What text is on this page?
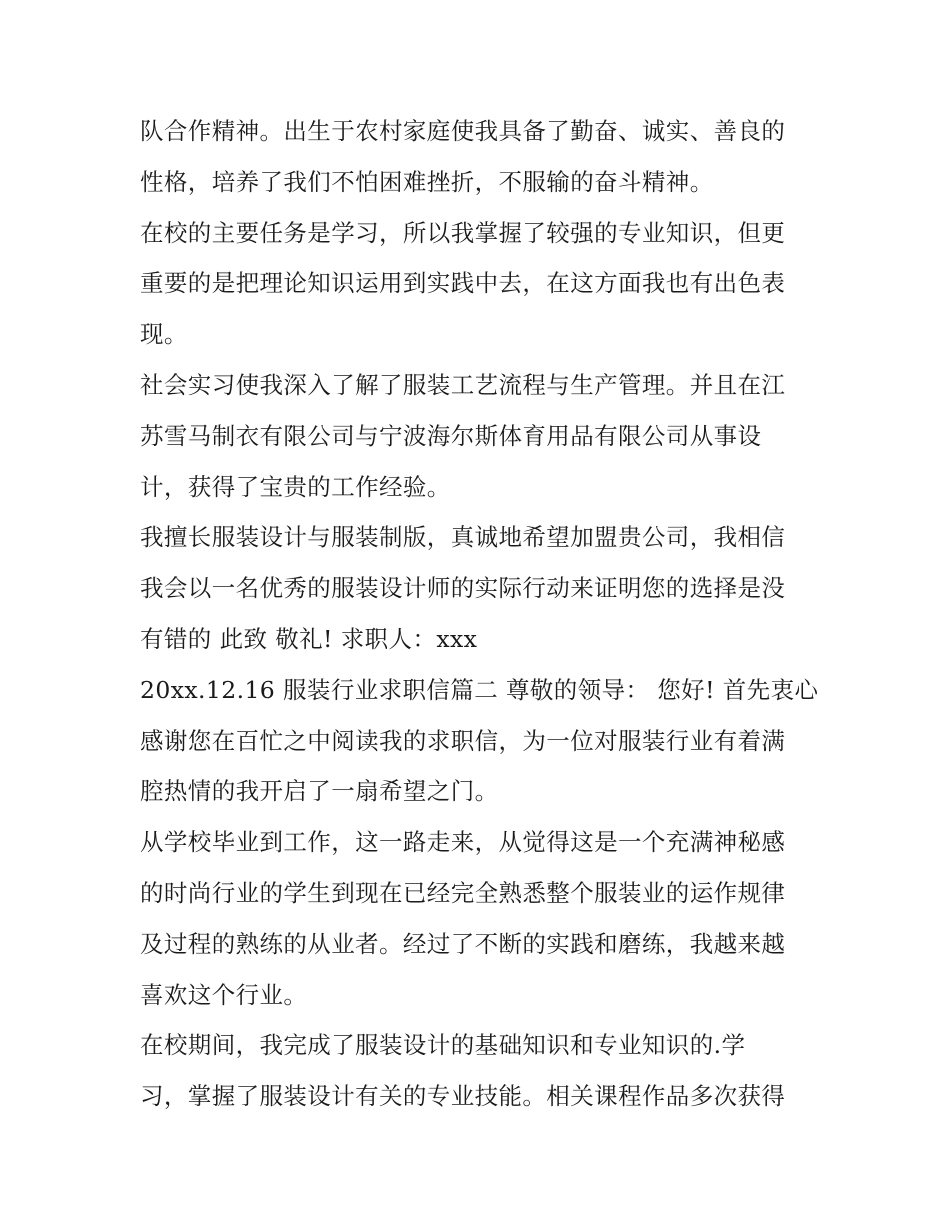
队合作精神。出生于农村家庭使我具备了勤奋、诚实、善良的
性格，培养了我们不怕困难挫折，不服输的奋斗精神。
在校的主要任务是学习，所以我掌握了较强的专业知识，但更
重要的是把理论知识运用到实践中去，在这方面我也有出色表
现。
社会实习使我深入了解了服装工艺流程与生产管理。并且在江
苏雪马制衣有限公司与宁波海尔斯体育用品有限公司从事设
计，获得了宝贵的工作经验。
我擅长服装设计与服装制版，真诚地希望加盟贵公司，我相信
我会以一名优秀的服装设计师的实际行动来证明您的选择是没
有错的 此致 敬礼! 求职人：xxx
20xx.12.16 服装行业求职信篇二 尊敬的领导： 您好! 首先衷心
感谢您在百忙之中阅读我的求职信，为一位对服装行业有着满
腔热情的我开启了一扇希望之门。
从学校毕业到工作，这一路走来，从觉得这是一个充满神秘感
的时尚行业的学生到现在已经完全熟悉整个服装业的运作规律
及过程的熟练的从业者。经过了不断的实践和磨练，我越来越
喜欢这个行业。
在校期间，我完成了服装设计的基础知识和专业知识的.学
习，掌握了服装设计有关的专业技能。相关课程作品多次获得
